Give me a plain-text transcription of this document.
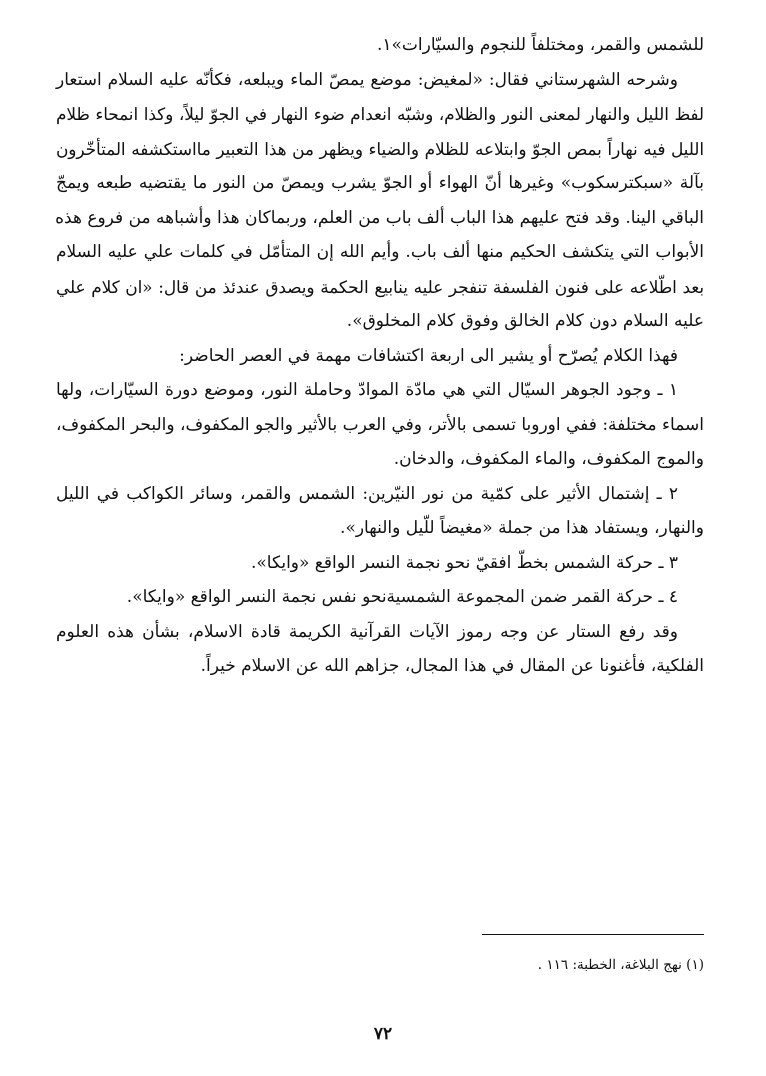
للشمس والقمر، ومختلفاً للنجوم والسيّارات»١.
وشرحه الشهرستاني فقال: «لمغيض: موضع يمصّ الماء ويبلعه، فكأنّه عليه السلام استعار
لفظ الليل والنهار لمعنى النور والظلام، وشبّه انعدام ضوء النهار في الجوّ ليلاً، وكذا انمحاء ظلام
الليل فيه نهاراً بمص الجوّ وابتلاعه للظلام والضياء ويظهر من هذا التعبير مااستكشفه المتأخّرون
بآلة «سبكترسكوب» وغيرها أنّ الهواء أو الجوّ يشرب ويمصّ من النور ما يقتضيه طبعه ويمجّ
الباقي الينا. وقد فتح عليهم هذا الباب ألف باب من العلم، وربماكان هذا وأشباهه من فروع هذه
الأبواب التي يتكشف الحكيم منها ألف باب. وأيم الله إن المتأمّل في كلمات علي عليه السلام
بعد اطّلاعه على فنون الفلسفة تنفجر عليه ينابيع الحكمة ويصدق عندئذ من قال: «ان كلام علي
عليه السلام دون كلام الخالق وفوق كلام المخلوق».
فهذا الكلام يُصرّح أو يشير الى اربعة اكتشافات مهمة في العصر الحاضر:
١ ـ وجود الجوهر السيّال التي هي مادّة الموادّ وحاملة النور، وموضع دورة السيّارات، ولها
اسماء مختلفة: ففي اوروبا تسمى بالأتر، وفي العرب بالأثير والجو المكفوف، والبحر المكفوف،
والموج المكفوف، والماء المكفوف، والدخان.
٢ ـ إشتمال الأثير على كمّية من نور النيّرين: الشمس والقمر، وسائر الكواكب في الليل
والنهار، ويستفاد هذا من جملة «مغيضاً للّيل والنهار».
٣ ـ حركة الشمس بخطّ افقيّ نحو نجمة النسر الواقع «وايكا».
٤ ـ حركة القمر ضمن المجموعة الشمسيةنحو نفس نجمة النسر الواقع «وايكا».
وقد رفع الستار عن وجه رموز الآيات القرآنية الكريمة قادة الاسلام، بشأن هذه العلوم
الفلكية، فأغنونا عن المقال في هذا المجال، جزاهم الله عن الاسلام خيراً.
(١) نهج البلاغة، الخطبة: ١١٦ .
٧٢
